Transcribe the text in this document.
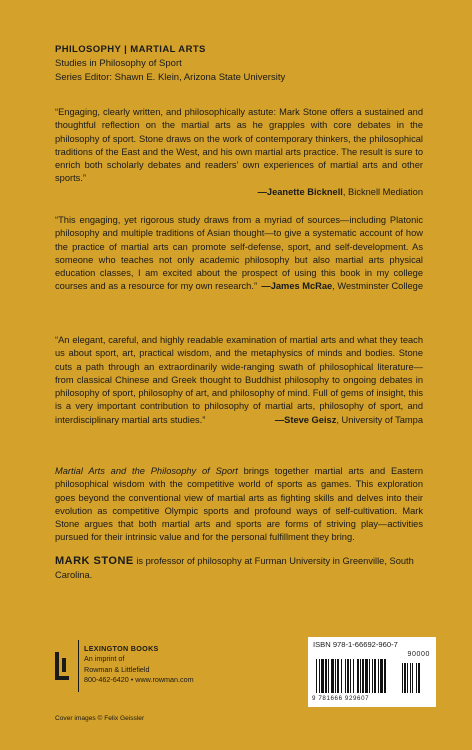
PHILOSOPHY | MARTIAL ARTS
Studies in Philosophy of Sport
Series Editor: Shawn E. Klein, Arizona State University
“Engaging, clearly written, and philosophically astute: Mark Stone offers a sustained and thoughtful reflection on the martial arts as he grapples with core debates in the philosophy of sport. Stone draws on the work of contemporary thinkers, the philosophical traditions of the East and the West, and his own martial arts practice. The result is sure to enrich both scholarly debates and readers’ own experiences of martial arts and other sports.”
—Jeanette Bicknell, Bicknell Mediation
“This engaging, yet rigorous study draws from a myriad of sources—including Platonic philosophy and multiple traditions of Asian thought—to give a systematic account of how the practice of martial arts can promote self-defense, sport, and self-development. As someone who teaches not only academic philosophy but also martial arts physical education classes, I am excited about the prospect of using this book in my college courses and as a resource for my own research.” —James McRae, Westminster College
“An elegant, careful, and highly readable examination of martial arts and what they teach us about sport, art, practical wisdom, and the metaphysics of minds and bodies. Stone cuts a path through an extraordinarily wide-ranging swath of philosophical literature—from classical Chinese and Greek thought to Buddhist philosophy to ongoing debates in philosophy of sport, philosophy of art, and philosophy of mind. Full of gems of insight, this is a very important contribution to philosophy of martial arts, philosophy of sport, and interdisciplinary martial arts studies.”	—Steve Geisz, University of Tampa
Martial Arts and the Philosophy of Sport brings together martial arts and Eastern philosophical wisdom with the competitive world of sports as games. This exploration goes beyond the conventional view of martial arts as fighting skills and delves into their evolution as competitive Olympic sports and profound ways of self-cultivation. Mark Stone argues that both martial arts and sports are forms of striving play—activities pursued for their intrinsic value and for the personal fulfillment they bring.
MARK STONE is professor of philosophy at Furman University in Greenville, South Carolina.
LEXINGTON BOOKS
An imprint of
Rowman & Littlefield
800-462-6420 • www.rowman.com
ISBN 978-1-66692-960-7
90000
9 781666 929607
Cover images © Felix Geissler
